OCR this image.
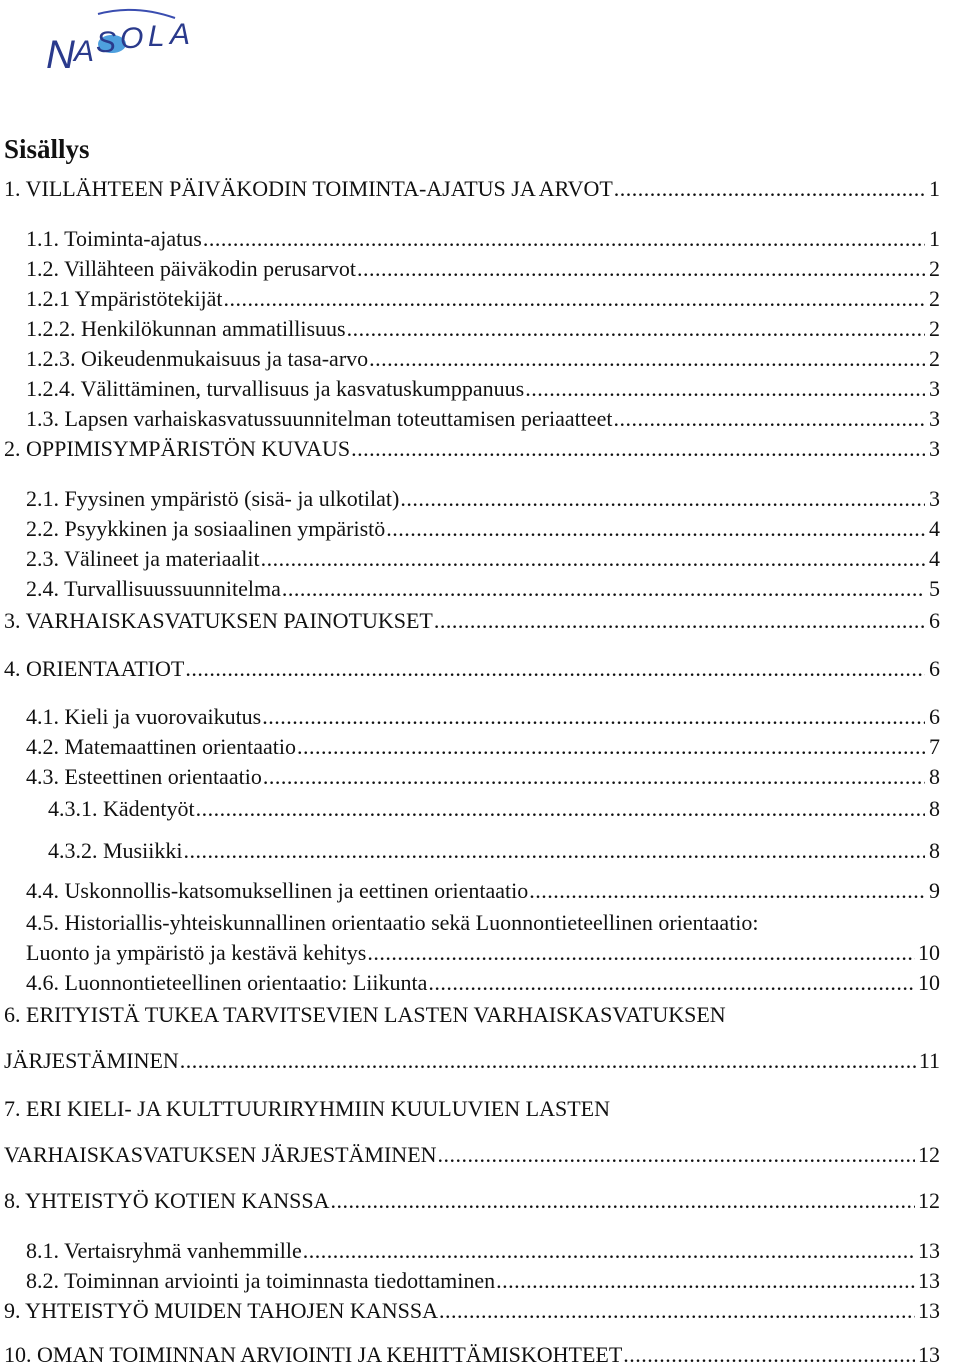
N A S O L A
Sisällys
1. VILLÄHTEEN PÄIVÄKODIN TOIMINTA-AJATUS JA ARVOT .....	1
1.1. Toiminta-ajatus .....	1
1.2. Villähteen päiväkodin perusarvot .....	2
1.2.1 Ympäristötekijät .....	2
1.2.2. Henkilökunnan ammatillisuus .....	2
1.2.3. Oikeudenmukaisuus ja tasa-arvo .....	2
1.2.4. Välittäminen, turvallisuus ja kasvatuskumppanuus .....	3
1.3. Lapsen varhaiskasvatussuunnitelman toteuttamisen periaatteet .....	3
2. OPPIMISYMPÄRISTÖN KUVAUS .....	3
2.1. Fyysinen ympäristö (sisä- ja ulkotilat) .....	3
2.2. Psyykkinen ja sosiaalinen ympäristö .....	4
2.3. Välineet ja materiaalit .....	4
2.4. Turvallisuussuunnitelma .....	5
3. VARHAISKASVATUKSEN PAINOTUKSET .....	6
4. ORIENTAATIOT .....	6
4.1. Kieli ja vuorovaikutus .....	6
4.2. Matemaattinen orientaatio .....	7
4.3. Esteettinen orientaatio .....	8
4.3.1. Kädentyöt .....	8
4.3.2. Musiikki .....	8
4.4. Uskonnollis-katsomuksellinen ja eettinen orientaatio .....	9
4.5. Historiallis-yhteiskunnallinen orientaatio sekä Luonnontieteellinen orientaatio:
Luonto ja ympäristö ja kestävä kehitys .....	10
4.6. Luonnontieteellinen orientaatio: Liikunta .....	10
6. ERITYISTÄ TUKEA TARVITSEVIEN LASTEN VARHAISKASVATUKSEN
JÄRJESTÄMINEN .....	11
7. ERI KIELI- JA KULTTUURIRYHMIIN KUULUVIEN LASTEN
VARHAISKASVATUKSEN JÄRJESTÄMINEN .....	12
8. YHTEISTYÖ KOTIEN KANSSA .....	12
8.1. Vertaisryhmä vanhemmille .....	13
8.2. Toiminnan arviointi ja toiminnasta tiedottaminen .....	13
9. YHTEISTYÖ MUIDEN TAHOJEN KANSSA .....	13
10. OMAN TOIMINNAN ARVIOINTI JA KEHITTÄMISKOHTEET .....	13
